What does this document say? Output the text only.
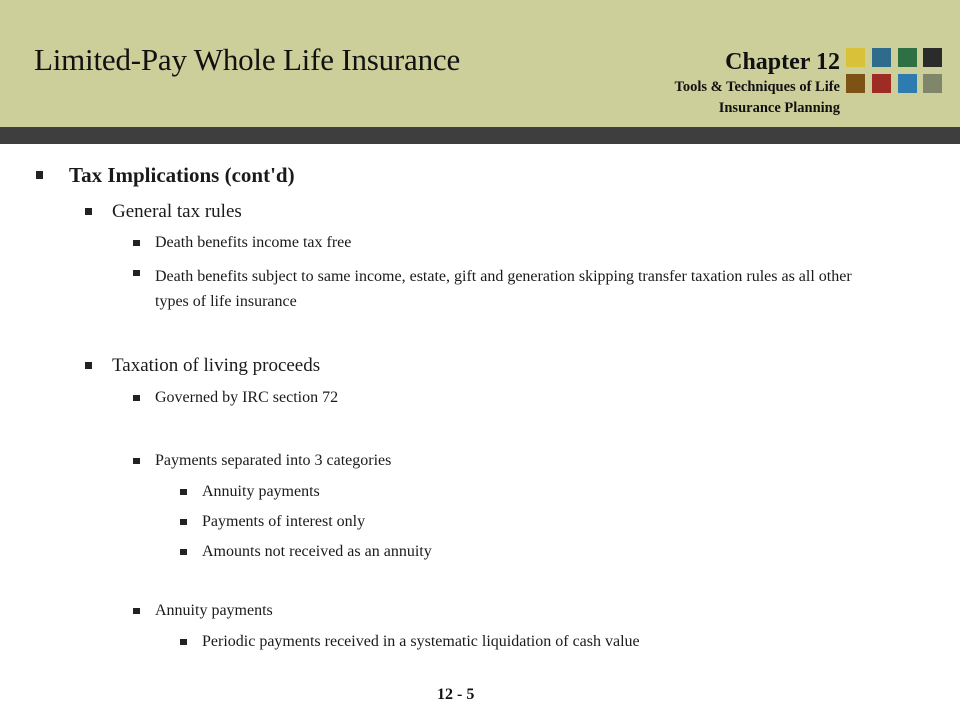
Limited-Pay Whole Life Insurance	Chapter 12
Tools & Techniques of Life
Insurance Planning
Tax Implications (cont'd)
General tax rules
Death benefits income tax free
Death benefits subject to same income, estate, gift and generation skipping transfer taxation rules as all other types of life insurance
Taxation of living proceeds
Governed by IRC section 72
Payments separated into 3 categories
Annuity payments
Payments of interest only
Amounts not received as an annuity
Annuity payments
Periodic payments received in a systematic liquidation of cash value
12 - 5
